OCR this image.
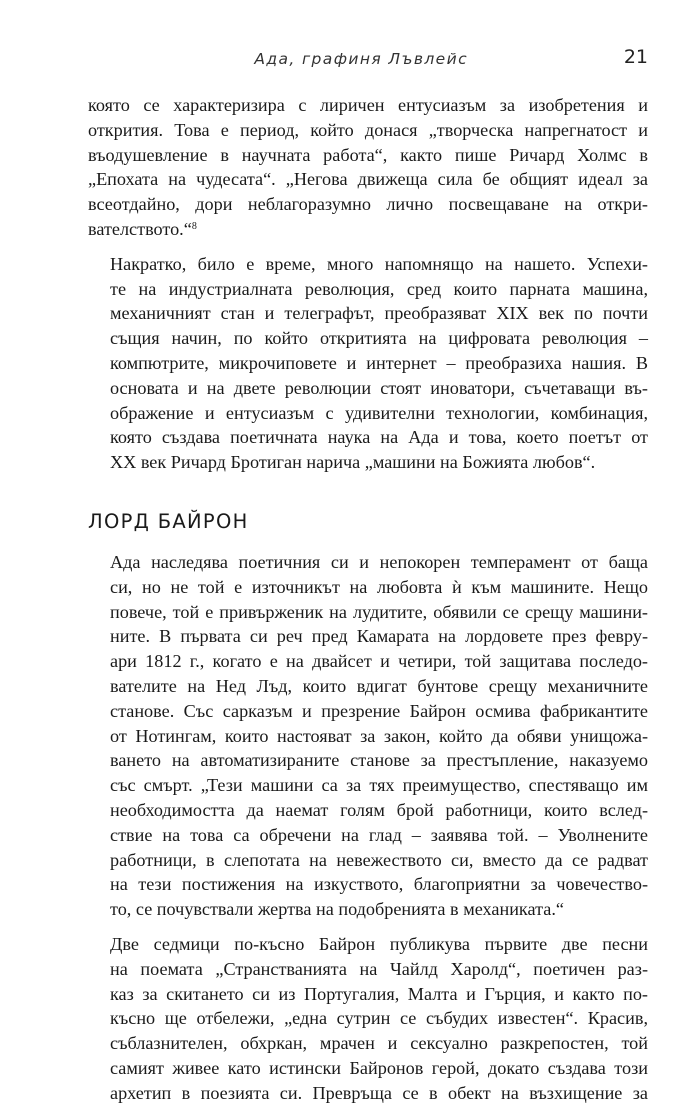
Ада, графиня Лъвлейс	21

която се характеризира с лиричен ентусиазъм за изобретения и
открития. Това е период, който донася „творческа напрегнатост и
въодушевление в научната работа“, както пише Ричард Холмс в
„Епохата на чудесата“. „Негова движеща сила бе общият идеал за
всеотдайно, дори неблагоразумно лично посвещаване на откри-
вателството.“$^8$

Накратко, било е време, много напомнящо на нашето. Успехи-
те на индустриалната революция, сред които парната машина,
механичният стан и телеграфът, преобразяват XIX век по почти
същия начин, по който откритията на цифровата революция –
компютрите, микрочиповете и интернет – преобразиха нашия. В
основата и на двете революции стоят иноватори, съчетаващи въ-
ображение и ентусиазъм с удивителни технологии, комбинация,
която създава поетичната наука на Ада и това, което поетът от
XX век Ричард Бротиган нарича „машини на Божията любов“.

ЛОРД БАЙРОН

Ада наследява поетичния си и непокорен темперамент от баща
си, но не той е източникът на любовта ѝ към машините. Нещо
повече, той е привърженик на лудитите, обявили се срещу машини-
ните. В първата си реч пред Камарата на лордовете през февру-
ари 1812 г., когато е на двайсет и четири, той защитава последо-
вателите на Нед Лъд, които вдигат бунтове срещу механичните
станове. Със сарказъм и презрение Байрон осмива фабрикантите
от Нотингам, които настояват за закон, който да обяви унищожа-
ването на автоматизираните станове за престъпление, наказуемо
със смърт. „Тези машини са за тях преимущество, спестяващо им
необходимостта да наемат голям брой работници, които вслед-
ствие на това са обречени на глад – заявява той. – Уволнените
работници, в слепотата на невежеството си, вместо да се радват
на тези постижения на изкуството, благоприятни за човечество-
то, се почувствали жертва на подобренията в механиката.“

Две седмици по-късно Байрон публикува първите две песни
на поемата „Странстванията на Чайлд Харолд“, поетичен раз-
каз за скитането си из Португалия, Малта и Гърция, и както по-
късно ще отбележи, „една сутрин се събудих известен“. Красив,
съблазнителен, обхркан, мрачен и сексуално разкрепостен, той
самият живее като истински Байронов герой, докато създава този
архетип в поезията си. Превръща се в обект на възхищение за
